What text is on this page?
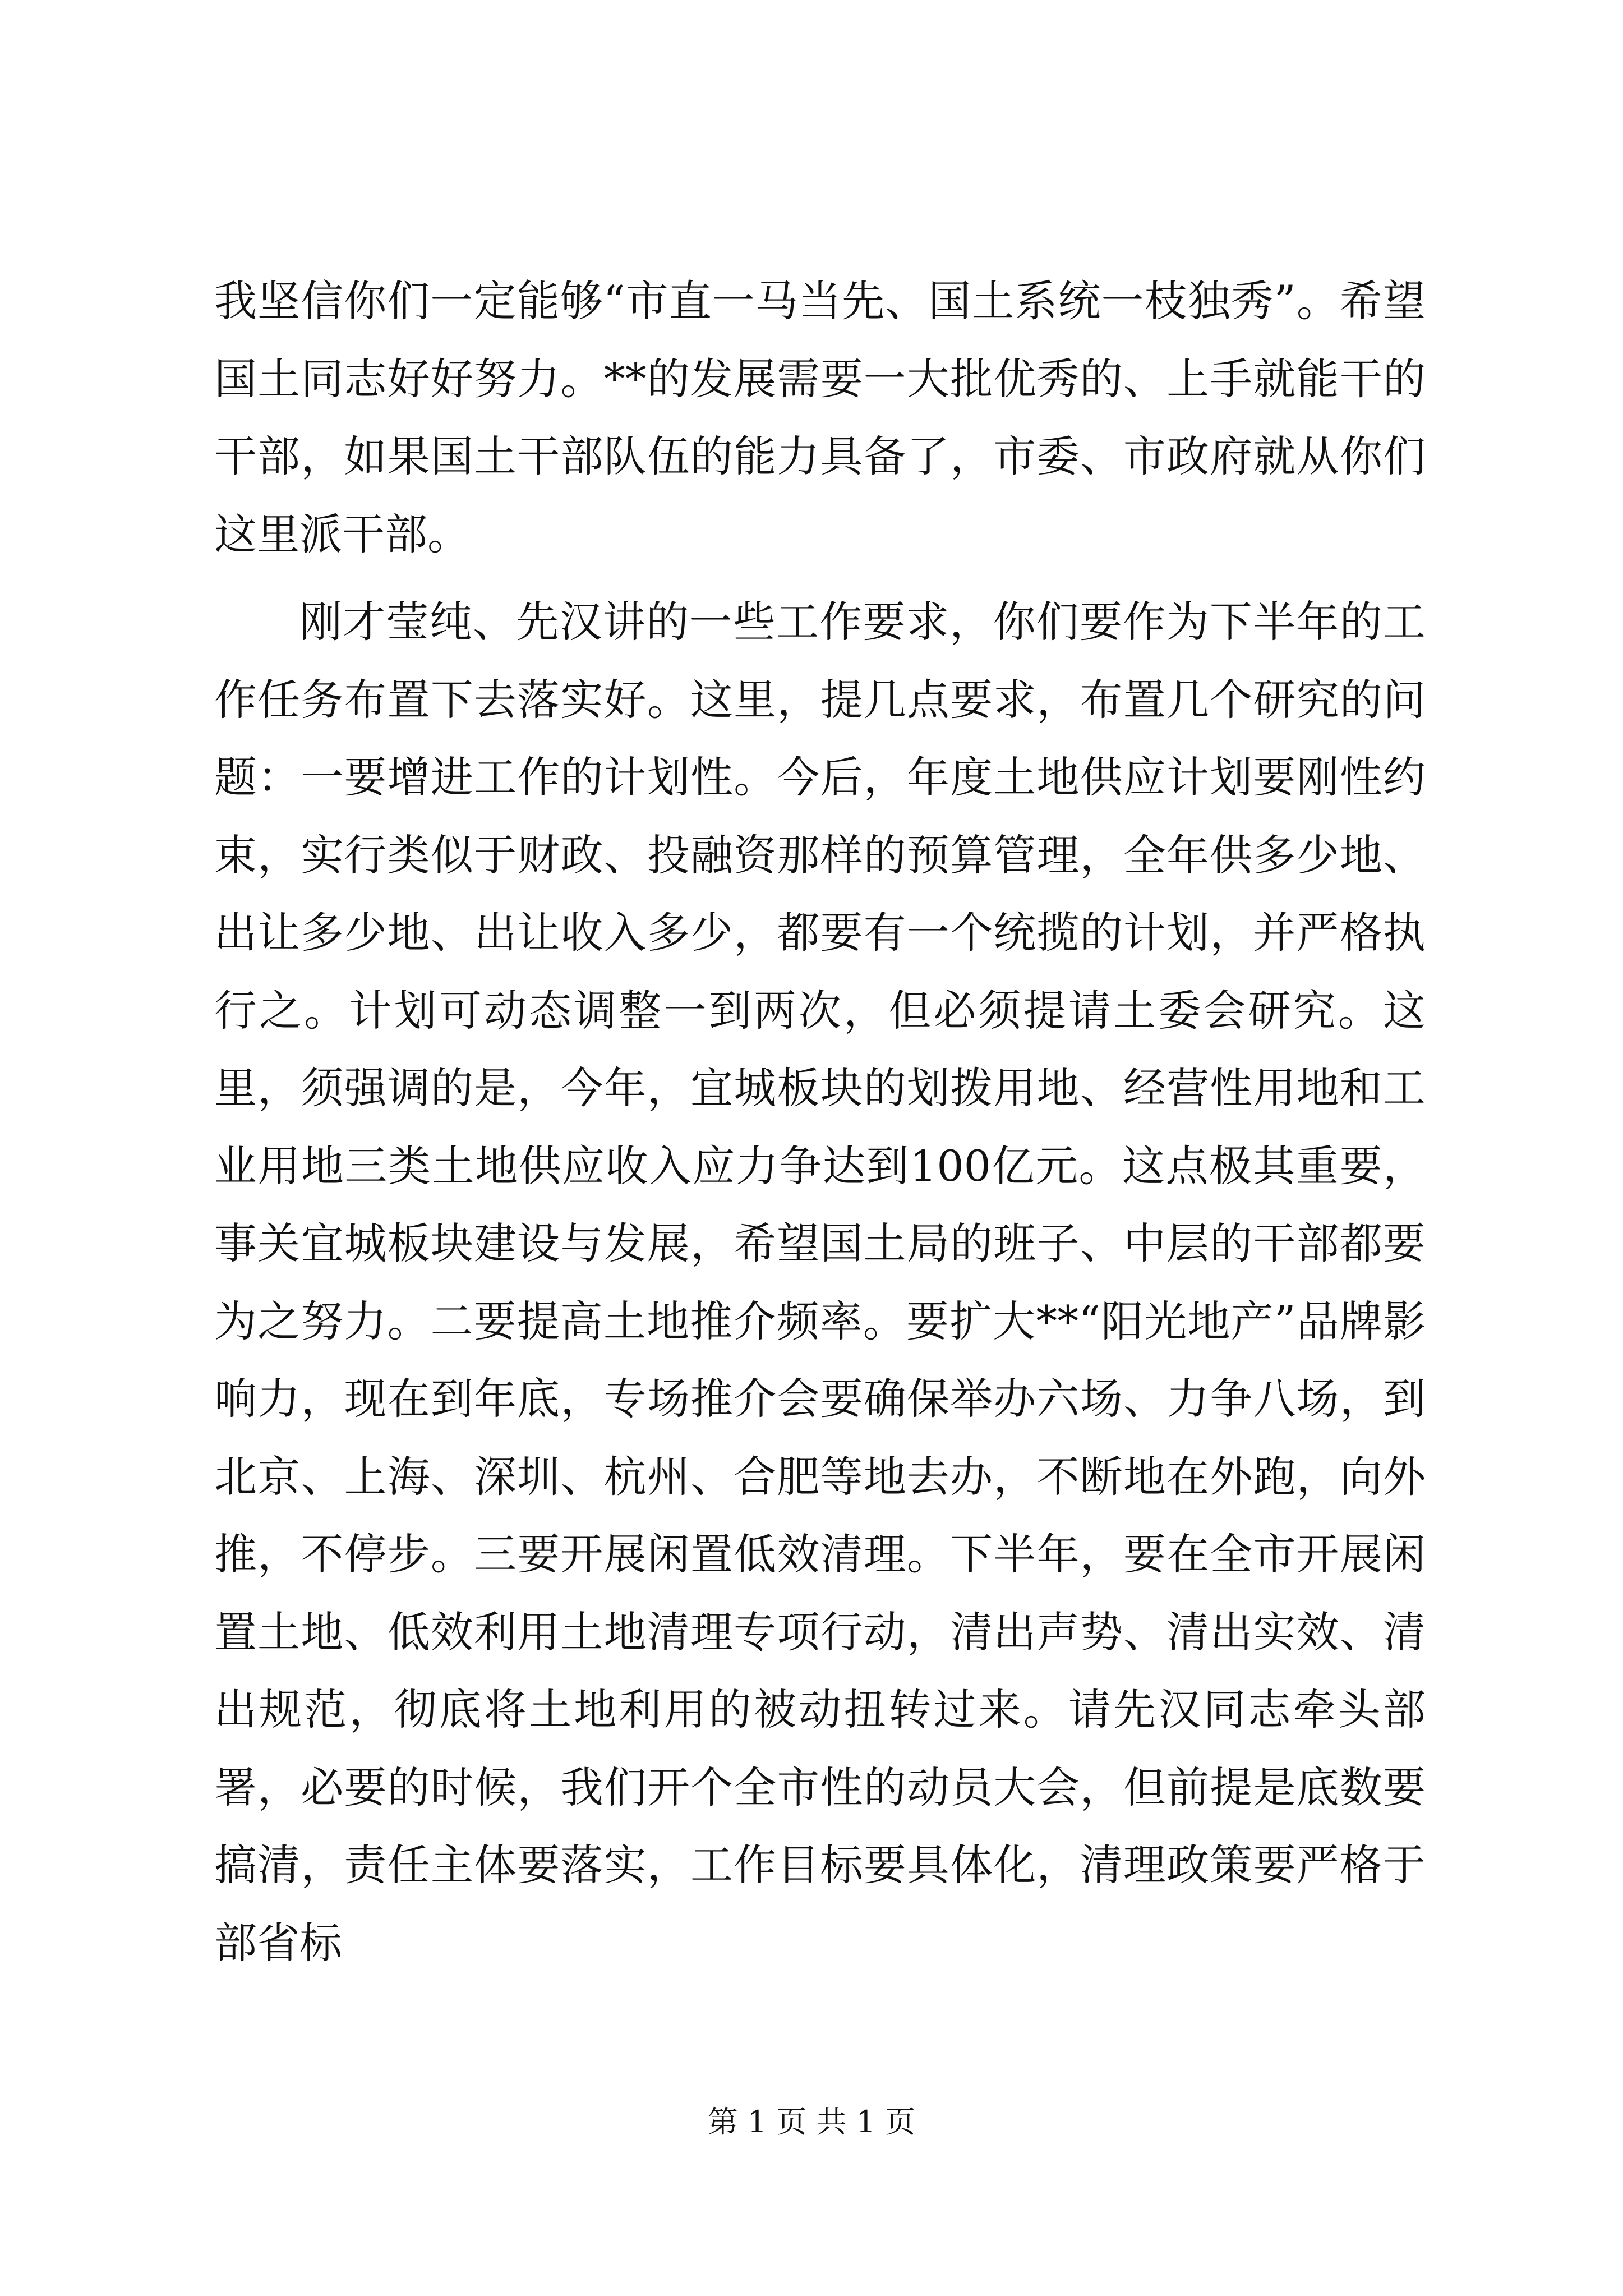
我坚信你们一定能够“市直一马当先、国土系统一枝独秀”。希望国土同志好好努力。**的发展需要一大批优秀的、上手就能干的干部，如果国土干部队伍的能力具备了，市委、市政府就从你们这里派干部。

刚才莹纯、先汉讲的一些工作要求，你们要作为下半年的工作任务布置下去落实好。这里，提几点要求，布置几个研究的问题：一要增进工作的计划性。今后，年度土地供应计划要刚性约束，实行类似于财政、投融资那样的预算管理，全年供多少地、出让多少地、出让收入多少，都要有一个统揽的计划，并严格执行之。计划可动态调整一到两次，但必须提请土委会研究。这里，须强调的是，今年，宜城板块的划拨用地、经营性用地和工业用地三类土地供应收入应力争达到100亿元。这点极其重要，事关宜城板块建设与发展，希望国土局的班子、中层的干部都要为之努力。二要提高土地推介频率。要扩大**“阳光地产”品牌影响力，现在到年底，专场推介会要确保举办六场、力争八场，到北京、上海、深圳、杭州、合肥等地去办，不断地在外跑，向外推，不停步。三要开展闲置低效清理。下半年，要在全市开展闲置土地、低效利用土地清理专项行动，清出声势、清出实效、清出规范，彻底将土地利用的被动扭转过来。请先汉同志牵头部署，必要的时候，我们开个全市性的动员大会，但前提是底数要搞清，责任主体要落实，工作目标要具体化，清理政策要严格于部省标

第 1 页 共 1 页
